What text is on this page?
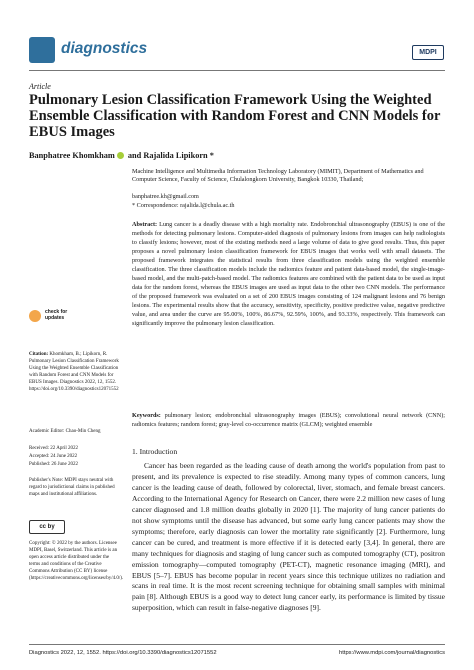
diagnostics	MDPI
Article
Pulmonary Lesion Classification Framework Using the Weighted Ensemble Classification with Random Forest and CNN Models for EBUS Images
Banphatree Khomkham and Rajalida Lipikorn *
Machine Intelligence and Multimedia Information Technology Laboratory (MIMIT), Department of Mathematics and Computer Science, Faculty of Science, Chulalongkorn University, Bangkok 10330, Thailand;
banphatree.kh@gmail.com
* Correspondence: rajalida.l@chula.ac.th
Abstract: Lung cancer is a deadly disease with a high mortality rate. Endobronchial ultrasonography (EBUS) is one of the methods for detecting pulmonary lesions. Computer-aided diagnosis of pulmonary lesions from images can help radiologists to classify lesions; however, most of the existing methods need a large volume of data to give good results. Thus, this paper proposes a novel pulmonary lesion classification framework for EBUS images that works well with small datasets. The proposed framework integrates the statistical results from three classification models using the weighted ensemble classification. The three classification models include the radiomics feature and patient data-based model, the single-image-based model, and the multi-patch-based model. The radiomics features are combined with the patient data to be used as input data for the random forest, whereas the EBUS images are used as input data to the other two CNN models. The performance of the proposed framework was evaluated on a set of 200 EBUS images consisting of 124 malignant lesions and 76 benign lesions. The experimental results show that the accuracy, sensitivity, specificity, positive predictive value, negative predictive value, and area under the curve are 95.00%, 100%, 86.67%, 92.59%, 100%, and 93.33%, respectively. This framework can significantly improve the pulmonary lesion classification.
Keywords: pulmonary lesion; endobronchial ultrasonography images (EBUS); convolutional neural network (CNN); radiomics features; random forest; gray-level co-occurrence matrix (GLCM); weighted ensemble
check for updates
Citation: Khomkham, B.; Lipikorn, R. Pulmonary Lesion Classification Framework Using the Weighted Ensemble Classification with Random Forest and CNN Models for EBUS Images. Diagnostics 2022, 12, 1552. https://doi.org/10.3390/diagnostics12071552
Academic Editor: Chao-Min Cheng
Received: 22 April 2022
Accepted: 24 June 2022
Published: 26 June 2022
Publisher's Note: MDPI stays neutral with regard to jurisdictional claims in published maps and institutional affiliations.
cc by
Copyright: © 2022 by the authors. Licensee MDPI, Basel, Switzerland. This article is an open access article distributed under the terms and conditions of the Creative Commons Attribution (CC BY) license (https://creativecommons.org/licenses/by/4.0/).
1. Introduction
Cancer has been regarded as the leading cause of death among the world's population from past to present, and its prevalence is expected to rise steadily. Among many types of common cancers, lung cancer is the leading cause of death, followed by colorectal, liver, stomach, and female breast cancers. According to the International Agency for Research on Cancer, there were 2.2 million new cases of lung cancer diagnosed and 1.8 million deaths globally in 2020 [1]. The majority of lung cancer patients do not show symptoms until the disease has advanced, but some early lung cancer patients may show the symptoms; therefore, early diagnosis can lower the mortality rate significantly [2]. Furthermore, lung cancer can be cured, and treatment is more effective if it is detected early [3,4]. In general, there are many techniques for diagnosis and staging of lung cancer such as computed tomography (CT), positron emission tomography—computed tomography (PET-CT), magnetic resonance imaging (MRI), and EBUS [5–7]. EBUS has become popular in recent years since this technique utilizes no radiation and scans in real time. It is the most recent screening technique for obtaining small samples with minimal pain [8]. Although EBUS is a good way to detect lung cancer early, its performance is limited by tissue superposition, which can result in false-negative diagnoses [9].
Diagnostics 2022, 12, 1552. https://doi.org/10.3390/diagnostics12071552	https://www.mdpi.com/journal/diagnostics
